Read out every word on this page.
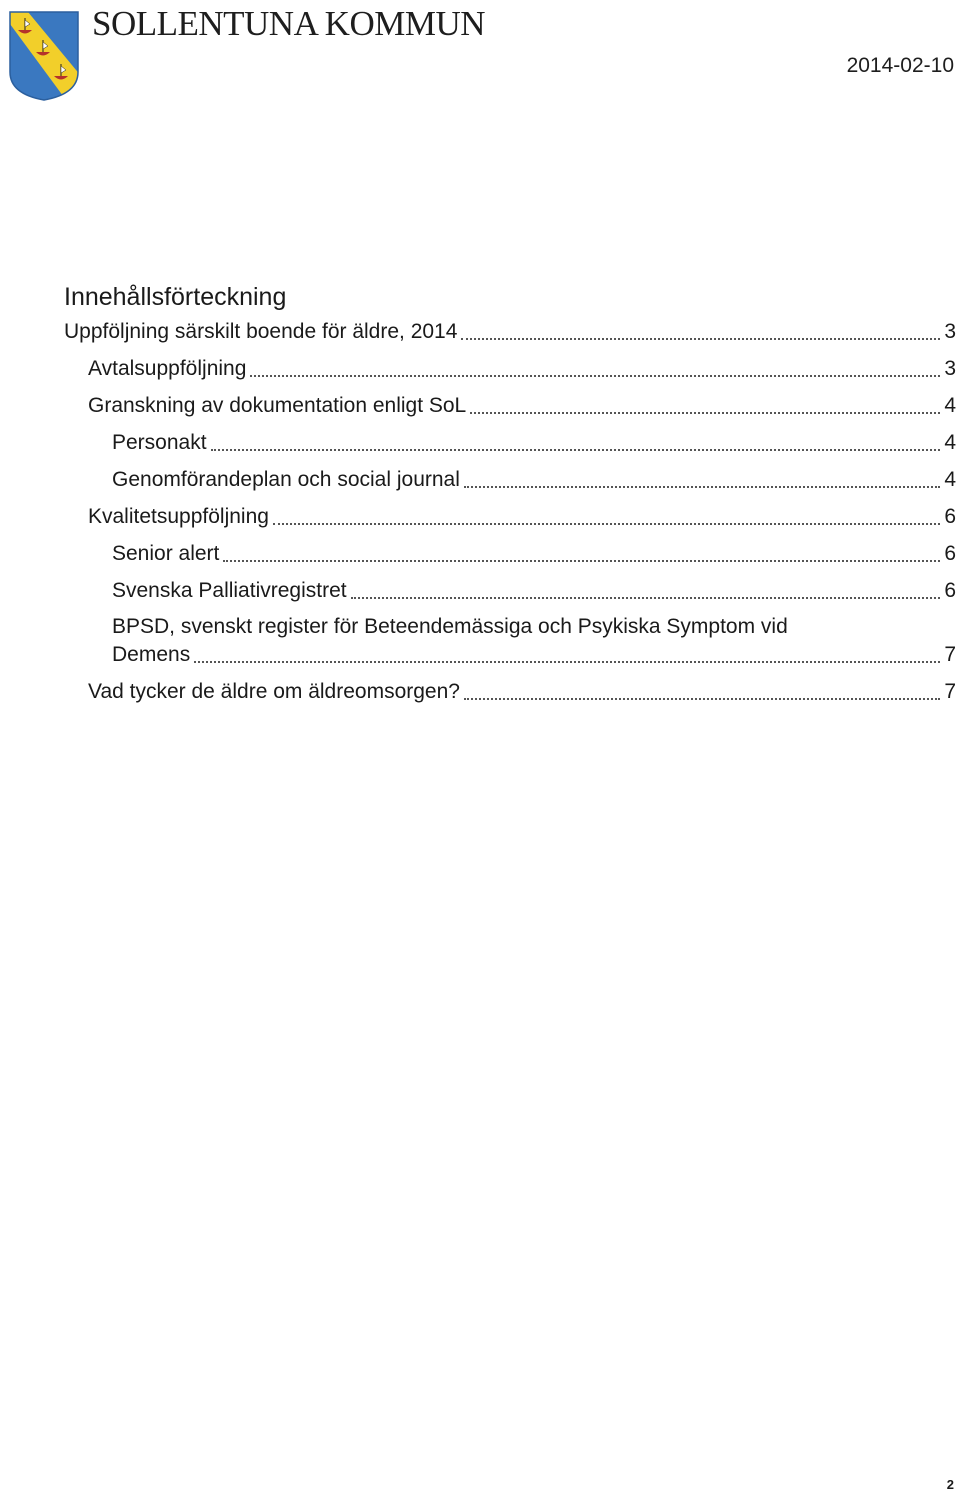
SOLLENTUNA KOMMUN
2014-02-10
Innehållsförteckning
Uppföljning särskilt boende för äldre, 2014	3
Avtalsuppföljning	3
Granskning av dokumentation enligt SoL	4
Personakt	4
Genomförandeplan och social journal	4
Kvalitetsuppföljning	6
Senior alert	6
Svenska Palliativregistret	6
BPSD, svenskt register för Beteendemässiga och Psykiska Symptom vid
Demens	7
Vad tycker de äldre om äldreomsorgen?	7
2
